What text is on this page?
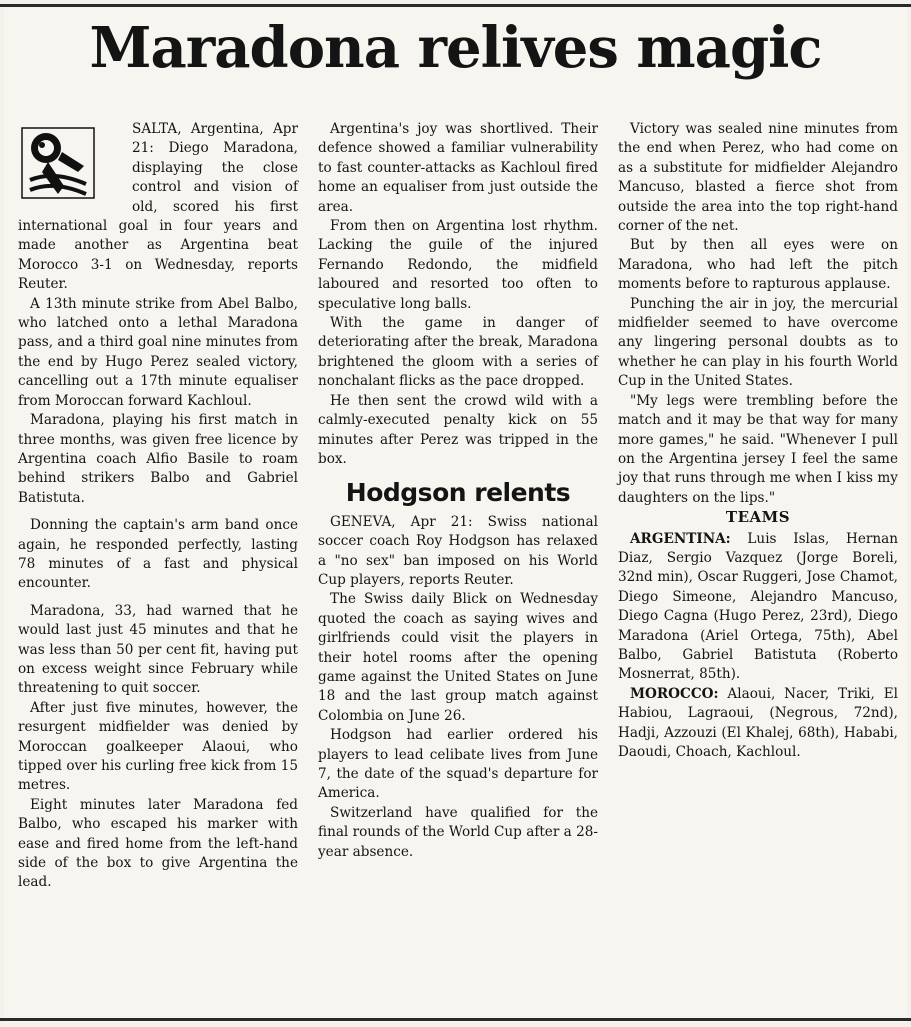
Maradona relives magic

SALTA, Argentina, Apr 21: Diego Maradona, displaying the close control and vision of old, scored his first international goal in four years and made another as Argentina beat Morocco 3-1 on Wednesday, reports Reuter.

A 13th minute strike from Abel Balbo, who latched onto a lethal Maradona pass, and a third goal nine minutes from the end by Hugo Perez sealed victory, cancelling out a 17th minute equaliser from Moroccan forward Kachloul.

Maradona, playing his first match in three months, was given free licence by Argentina coach Alfio Basile to roam behind strikers Balbo and Gabriel Batistuta.

Donning the captain's arm band once again, he responded perfectly, lasting 78 minutes of a fast and physical encounter.

Maradona, 33, had warned that he would last just 45 minutes and that he was less than 50 per cent fit, having put on excess weight since February while threatening to quit soccer.

After just five minutes, however, the resurgent midfielder was denied by Moroccan goalkeeper Alaoui, who tipped over his curling free kick from 15 metres.

Eight minutes later Maradona fed Balbo, who escaped his marker with ease and fired home from the left-hand side of the box to give Argentina the lead.

Argentina's joy was shortlived. Their defence showed a familiar vulnerability to fast counter-attacks as Kachloul fired home an equaliser from just outside the area.

From then on Argentina lost rhythm. Lacking the guile of the injured Fernando Redondo, the midfield laboured and resorted too often to speculative long balls.

With the game in danger of deteriorating after the break, Maradona brightened the gloom with a series of nonchalant flicks as the pace dropped.

He then sent the crowd wild with a calmly-executed penalty kick on 55 minutes after Perez was tripped in the box.

Hodgson relents

GENEVA, Apr 21: Swiss national soccer coach Roy Hodgson has relaxed a "no sex" ban imposed on his World Cup players, reports Reuter.

The Swiss daily Blick on Wednesday quoted the coach as saying wives and girlfriends could visit the players in their hotel rooms after the opening game against the United States on June 18 and the last group match against Colombia on June 26.

Hodgson had earlier ordered his players to lead celibate lives from June 7, the date of the squad's departure for America.

Switzerland have qualified for the final rounds of the World Cup after a 28-year absence.

Victory was sealed nine minutes from the end when Perez, who had come on as a substitute for midfielder Alejandro Mancuso, blasted a fierce shot from outside the area into the top right-hand corner of the net.

But by then all eyes were on Maradona, who had left the pitch moments before to rapturous applause.

Punching the air in joy, the mercurial midfielder seemed to have overcome any lingering personal doubts as to whether he can play in his fourth World Cup in the United States.

"My legs were trembling before the match and it may be that way for many more games," he said. "Whenever I pull on the Argentina jersey I feel the same joy that runs through me when I kiss my daughters on the lips."

TEAMS

ARGENTINA: Luis Islas, Hernan Diaz, Sergio Vazquez (Jorge Boreli, 32nd min), Oscar Ruggeri, Jose Chamot, Diego Simeone, Alejandro Mancuso, Diego Cagna (Hugo Perez, 23rd), Diego Maradona (Ariel Ortega, 75th), Abel Balbo, Gabriel Batistuta (Roberto Mosnerrat, 85th).

MOROCCO: Alaoui, Nacer, Triki, El Habiou, Lagraoui, (Negrous, 72nd), Hadji, Azzouzi (El Khalej, 68th), Hababi, Daoudi, Choach, Kachloul.
